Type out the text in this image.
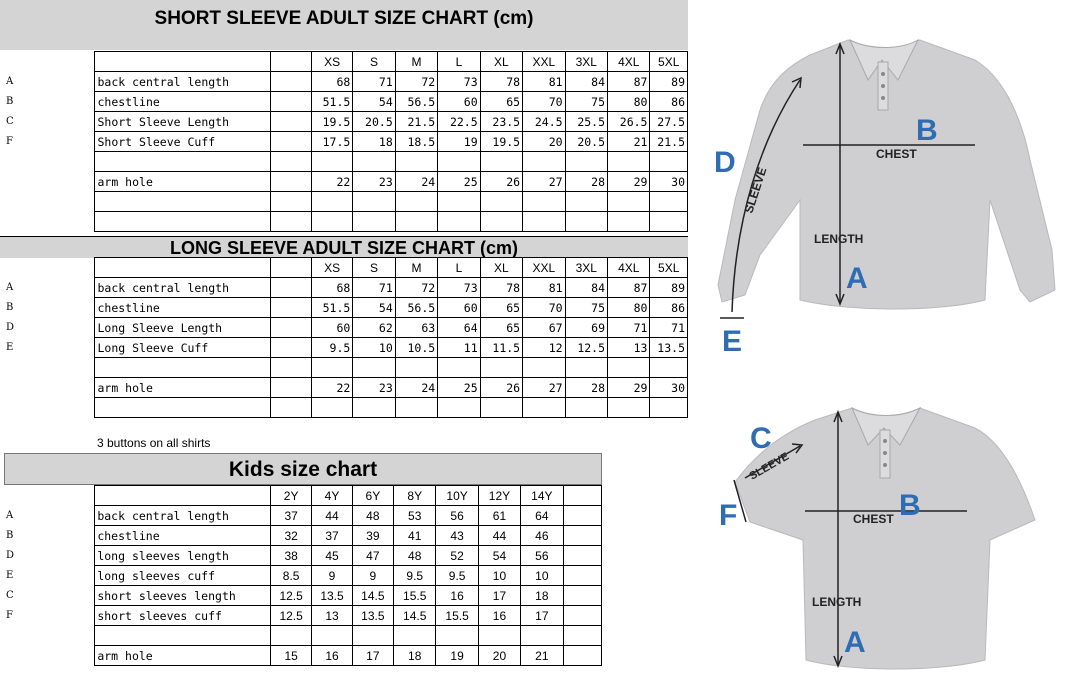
SHORT SLEEVE ADULT SIZE CHART (cm)
			XS	S	M	L	XL	XXL	3XL	4XL	5XL
A	back central length		68	71	72	73	78	81	84	87	89
B	chestline		51.5	54	56.5	60	65	70	75	80	86
C	Short Sleeve Length		19.5	20.5	21.5	22.5	23.5	24.5	25.5	26.5	27.5
F	Short Sleeve Cuff		17.5	18	18.5	19	19.5	20	20.5	21	21.5

	arm hole		22	23	24	25	26	27	28	29	30

LONG SLEEVE ADULT SIZE CHART (cm)
			XS	S	M	L	XL	XXL	3XL	4XL	5XL
A	back central length		68	71	72	73	78	81	84	87	89
B	chestline		51.5	54	56.5	60	65	70	75	80	86
D	Long Sleeve Length		60	62	63	64	65	67	69	71	71
E	Long Sleeve Cuff		9.5	10	10.5	11	11.5	12	12.5	13	13.5

	arm hole		22	23	24	25	26	27	28	29	30

3 buttons on all shirts
Kids size chart
		2Y	4Y	6Y	8Y	10Y	12Y	14Y	
A	back central length	37	44	48	53	56	61	64	
B	chestline	32	37	39	41	43	44	46	
D	long sleeves length	38	45	47	48	52	54	56	
E	long sleeves cuff	8.5	9	9	9.5	9.5	10	10	
C	short sleeves length	12.5	13.5	14.5	15.5	16	17	18	
F	short sleeves cuff	12.5	13	13.5	14.5	15.5	16	17	

	arm hole	15	16	17	18	19	20	21	
D
E
B
A
CHEST
LENGTH
SLEEVE
C
F	B
A
CHEST
LENGTH
SLEEVE
